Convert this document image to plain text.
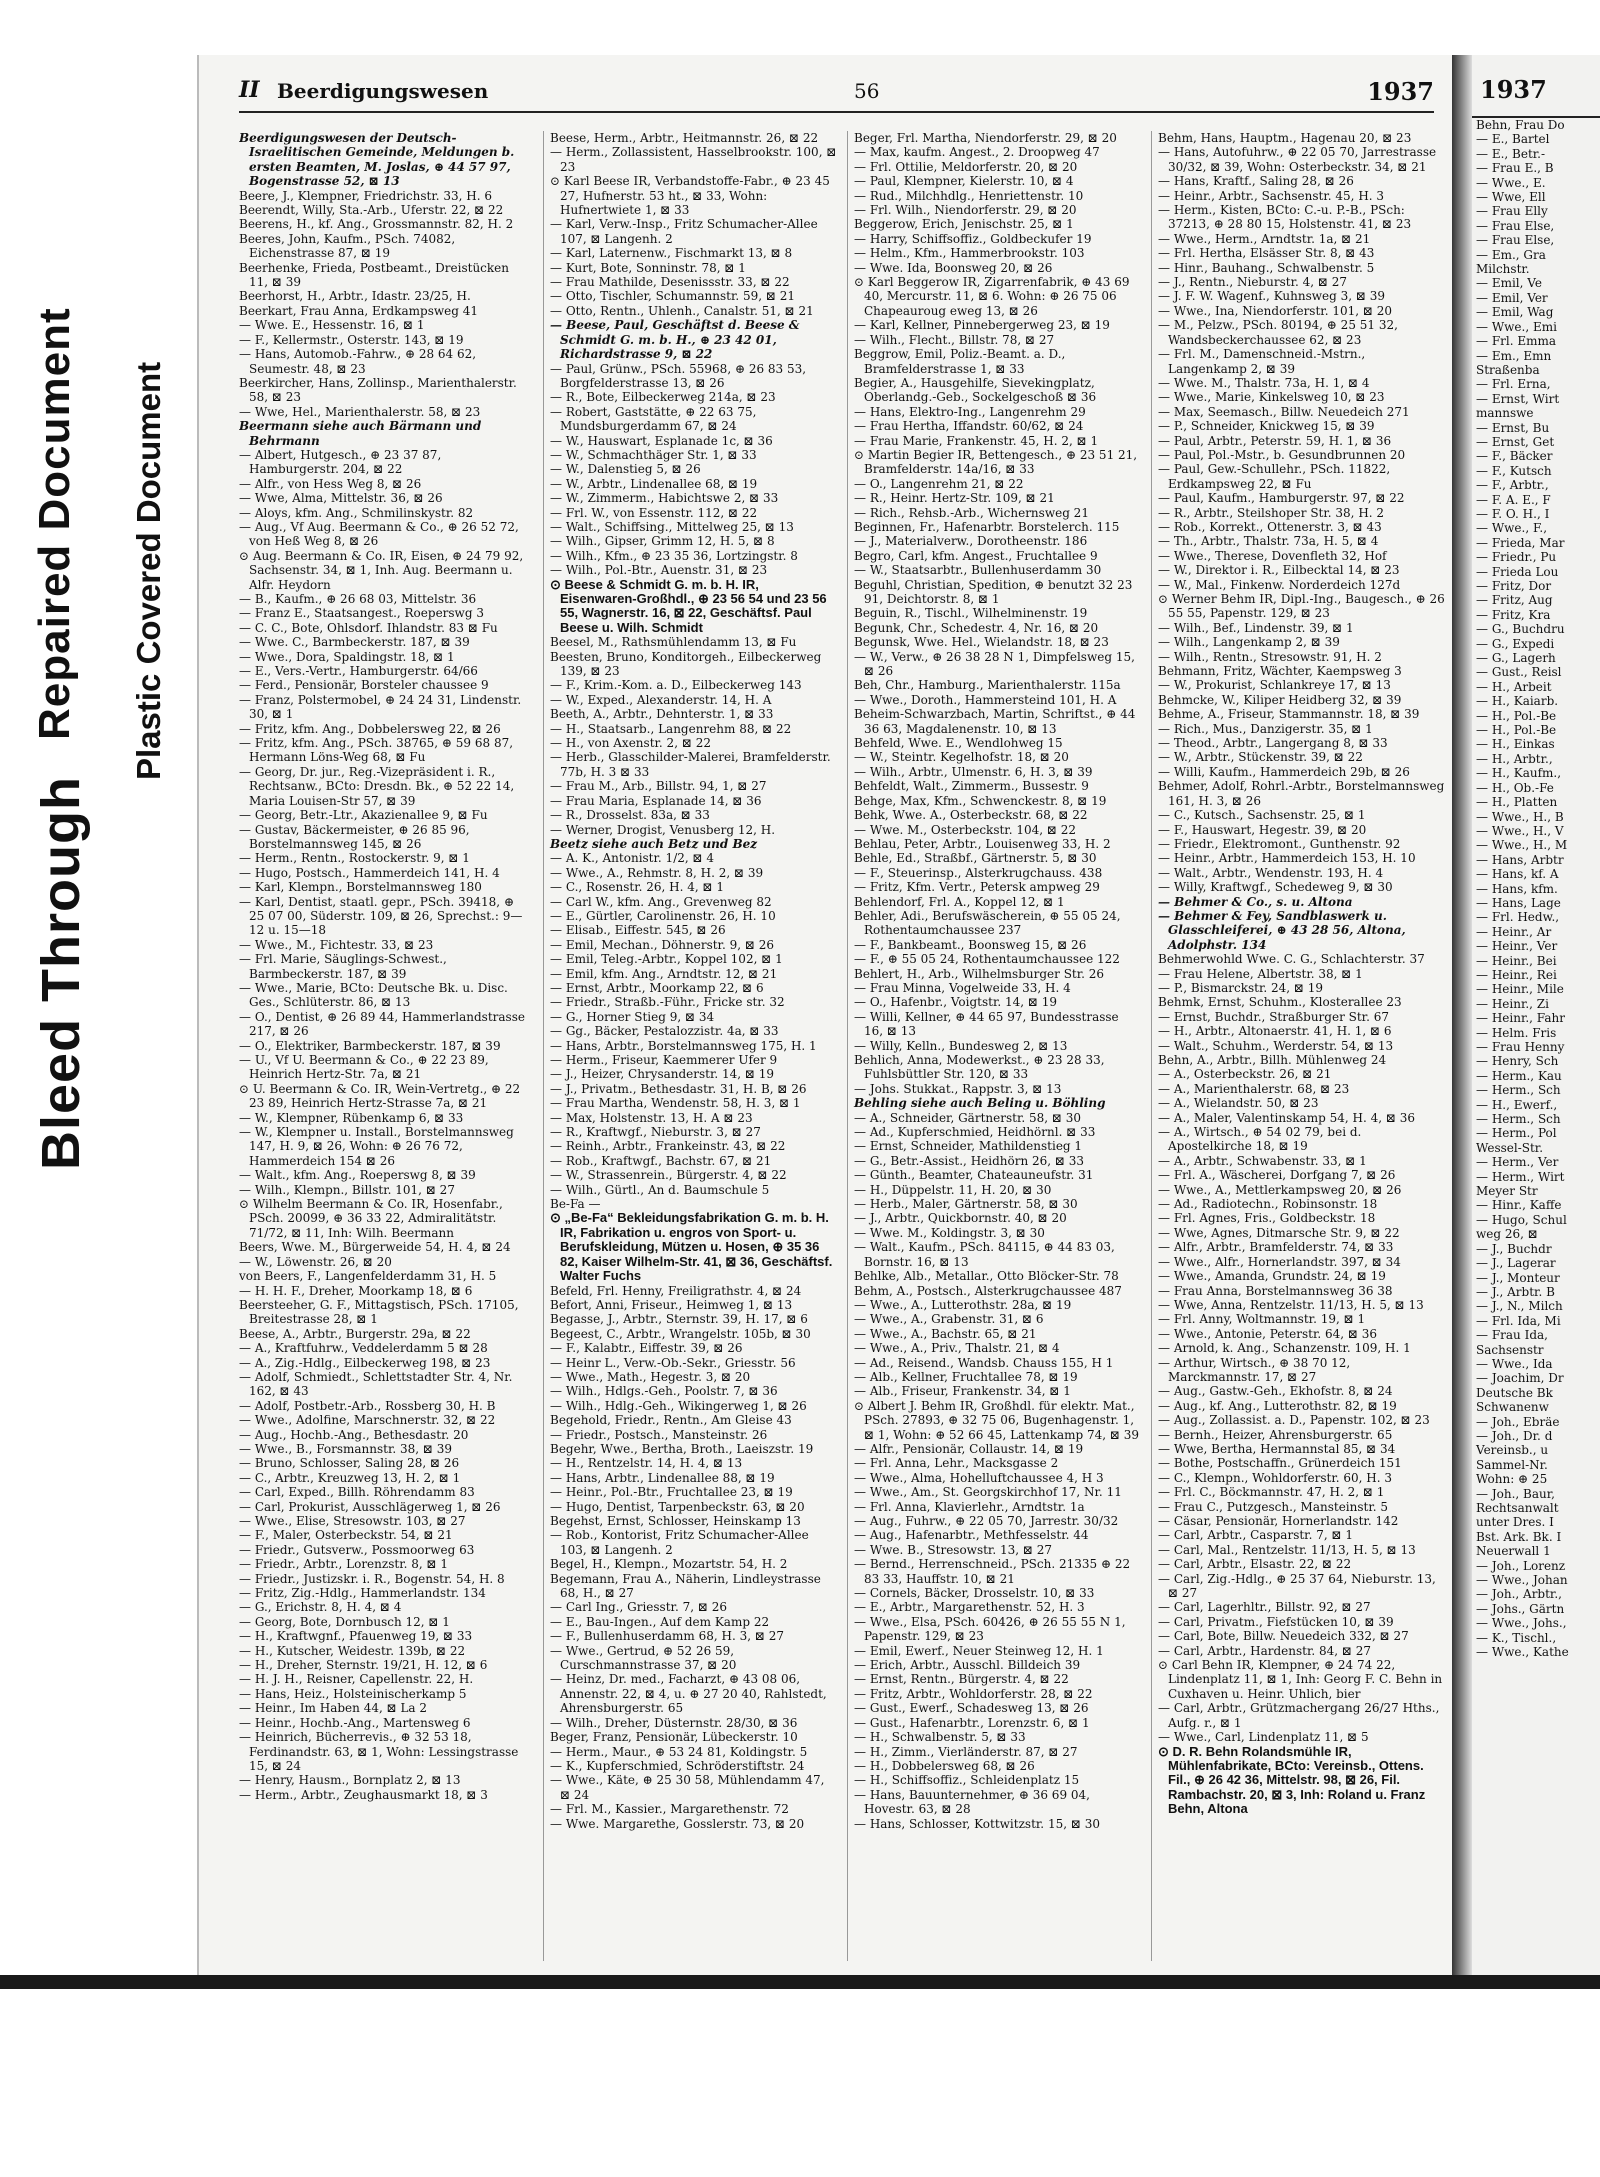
Bleed Through
Repaired Document Plastic Covered Document
II Beerdigungswesen	56	1937

Beerdigungswesen der Deutsch-Israelitischen Gemeinde, Meldungen b. ersten Beamten, M. Joslas, ⊕ 44 57 97, Bogenstrasse 52, ⊠ 13

Beere, J., Klempner, Friedrichstr. 33, H. 6

Beerendt, Willy, Sta.-Arb., Uferstr. 22, ⊠ 22

Beerens, H., kf. Ang., Grossmannstr. 82, H. 2

Beeres, John, Kaufm., PSch. 74082, Eichenstrasse 87, ⊠ 19

Beerhenke, Frieda, Postbeamt., Dreistücken 11, ⊠ 39

Beerhorst, H., Arbtr., Idastr. 23/25, H.

Beerkart, Frau Anna, Erdkampsweg 41

— Wwe. E., Hessenstr. 16, ⊠ 1

— F., Kellermstr., Osterstr. 143, ⊠ 19

— Hans, Automob.-Fahrw., ⊕ 28 64 62, Seumestr. 48, ⊠ 23

Beerkircher, Hans, Zollinsp., Marienthalerstr. 58, ⊠ 23

— Wwe, Hel., Marienthalerstr. 58, ⊠ 23

Beermann siehe auch Bärmann und Behrmann

— Albert, Hutgesch., ⊕ 23 37 87, Hamburgerstr. 204, ⊠ 22

— Alfr., von Hess Weg 8, ⊠ 26

— Wwe, Alma, Mittelstr. 36, ⊠ 26

— Aloys, kfm. Ang., Schmilinskystr. 82

— Aug., Vf Aug. Beermann & Co., ⊕ 26 52 72, von Heß Weg 8, ⊠ 26

⊙ Aug. Beermann & Co. IR, Eisen, ⊕ 24 79 92, Sachsenstr. 34, ⊠ 1, Inh. Aug. Beermann u. Alfr. Heydorn

— B., Kaufm., ⊕ 26 68 03, Mittelstr. 36

— Franz E., Staatsangest., Roeperswg 3

— C. C., Bote, Ohlsdorf. Ihlandstr. 83 ⊠ Fu

— Wwe. C., Barmbeckerstr. 187, ⊠ 39

— Wwe., Dora, Spaldingstr. 18, ⊠ 1

— E., Vers.-Vertr., Hamburgerstr. 64/66

— Ferd., Pensionär, Borsteler chaussee 9

— Franz, Polstermobel, ⊕ 24 24 31, Lindenstr. 30, ⊠ 1

— Fritz, kfm. Ang., Dobbelersweg 22, ⊠ 26

— Fritz, kfm. Ang., PSch. 38765, ⊕ 59 68 87, Hermann Löns-Weg 68, ⊠ Fu

— Georg, Dr. jur., Reg.-Vizepräsident i. R., Rechtsanw., BCto: Dresdn. Bk., ⊕ 52 22 14, Maria Louisen-Str 57, ⊠ 39

— Georg, Betr.-Ltr., Akazienallee 9, ⊠ Fu

— Gustav, Bäckermeister, ⊕ 26 85 96, Borstelmannsweg 145, ⊠ 26

— Herm., Rentn., Rostockerstr. 9, ⊠ 1

— Hugo, Postsch., Hammerdeich 141, H. 4

— Karl, Klempn., Borstelmannsweg 180

— Karl, Dentist, staatl. gepr., PSch. 39418, ⊕ 25 07 00, Süderstr. 109, ⊠ 26, Sprechst.: 9—12 u. 15—18

— Wwe., M., Fichtestr. 33, ⊠ 23

— Frl. Marie, Säuglings-Schwest., Barmbeckerstr. 187, ⊠ 39

— Wwe., Marie, BCto: Deutsche Bk. u. Disc. Ges., Schlüterstr. 86, ⊠ 13

— O., Dentist, ⊕ 26 89 44, Hammerlandstrasse 217, ⊠ 26

— O., Elektriker, Barmbeckerstr. 187, ⊠ 39

— U., Vf U. Beermann & Co., ⊕ 22 23 89, Heinrich Hertz-Str. 7a, ⊠ 21

⊙ U. Beermann & Co. IR, Wein-Vertretg., ⊕ 22 23 89, Heinrich Hertz-Strasse 7a, ⊠ 21

— W., Klempner, Rübenkamp 6, ⊠ 33

— W., Klempner u. Install., Borstelmannsweg 147, H. 9, ⊠ 26, Wohn: ⊕ 26 76 72, Hammerdeich 154 ⊠ 26

— Walt., kfm. Ang., Roeperswg 8, ⊠ 39

— Wilh., Klempn., Billstr. 101, ⊠ 27

⊙ Wilhelm Beermann & Co. IR, Hosenfabr., PSch. 20099, ⊕ 36 33 22, Admiralitätstr. 71/72, ⊠ 11, Inh: Wilh. Beermann

Beers, Wwe. M., Bürgerweide 54, H. 4, ⊠ 24

— W., Löwenstr. 26, ⊠ 20

von Beers, F., Langenfelderdamm 31, H. 5

— H. H. F., Dreher, Moorkamp 18, ⊠ 6

Beersteeher, G. F., Mittagstisch, PSch. 17105, Breitestrasse 28, ⊠ 1

Beese, A., Arbtr., Burgerstr. 29a, ⊠ 22

— A., Kraftfuhrw., Veddelerdamm 5 ⊠ 28

— A., Zig.-Hdlg., Eilbeckerweg 198, ⊠ 23

— Adolf, Schmiedt., Schlettstadter Str. 4, Nr. 162, ⊠ 43

— Adolf, Postbetr.-Arb., Rossberg 30, H. B

— Wwe., Adolfine, Marschnerstr. 32, ⊠ 22

— Aug., Hochb.-Ang., Bethesdastr. 20

— Wwe., B., Forsmannstr. 38, ⊠ 39

— Bruno, Schlosser, Saling 28, ⊠ 26

— C., Arbtr., Kreuzweg 13, H. 2, ⊠ 1

— Carl, Exped., Billh. Röhrendamm 83

— Carl, Prokurist, Ausschlägerweg 1, ⊠ 26

— Wwe., Elise, Stresowstr. 103, ⊠ 27

— F., Maler, Osterbeckstr. 54, ⊠ 21

— Friedr., Gutsverw., Possmoorweg 63

— Friedr., Arbtr., Lorenzstr. 8, ⊠ 1

— Friedr., Justizskr. i. R., Bogenstr. 54, H. 8

— Fritz, Zig.-Hdlg., Hammerlandstr. 134

— G., Erichstr. 8, H. 4, ⊠ 4

— Georg, Bote, Dornbusch 12, ⊠ 1

— H., Kraftwgnf., Pfauenweg 19, ⊠ 33

— H., Kutscher, Weidestr. 139b, ⊠ 22

— H., Dreher, Sternstr. 19/21, H. 12, ⊠ 6

— H. J. H., Reisner, Capellenstr. 22, H.

— Hans, Heiz., Holsteinischerkamp 5

— Heinr., Im Haben 44, ⊠ La 2

— Heinr., Hochb.-Ang., Martensweg 6

— Heinrich, Bücherrevis., ⊕ 32 53 18, Ferdinandstr. 63, ⊠ 1, Wohn: Lessingstrasse 15, ⊠ 24

— Henry, Hausm., Bornplatz 2, ⊠ 13

— Herm., Arbtr., Zeughausmarkt 18, ⊠ 3

Beese, Herm., Arbtr., Heitmannstr. 26, ⊠ 22

— Herm., Zollassistent, Hasselbrookstr. 100, ⊠ 23

⊙ Karl Beese IR, Verbandstoffe-Fabr., ⊕ 23 45 27, Hufnerstr. 53 ht., ⊠ 33, Wohn: Hufnertwiete 1, ⊠ 33

— Karl, Verw.-Insp., Fritz Schumacher-Allee 107, ⊠ Langenh. 2

— Karl, Laternenw., Fischmarkt 13, ⊠ 8

— Kurt, Bote, Sonninstr. 78, ⊠ 1

— Frau Mathilde, Desenissstr. 33, ⊠ 22

— Otto, Tischler, Schumannstr. 59, ⊠ 21

— Otto, Rentn., Uhlenh., Canalstr. 51, ⊠ 21

— Beese, Paul, Geschäftst d. Beese & Schmidt G. m. b. H., ⊕ 23 42 01, Richardstrasse 9, ⊠ 22

— Paul, Grünw., PSch. 55968, ⊕ 26 83 53, Borgfelderstrasse 13, ⊠ 26

— R., Bote, Eilbeckerweg 214a, ⊠ 23

— Robert, Gaststätte, ⊕ 22 63 75, Mundsburgerdamm 67, ⊠ 24

— W., Hauswart, Esplanade 1c, ⊠ 36

— W., Schmachthäger Str. 1, ⊠ 33

— W., Dalenstieg 5, ⊠ 26

— W., Arbtr., Lindenallee 68, ⊠ 19

— W., Zimmerm., Habichtswe 2, ⊠ 33

— Frl. W., von Essenstr. 112, ⊠ 22

— Walt., Schiffsing., Mittelweg 25, ⊠ 13

— Wilh., Gipser, Grimm 12, H. 5, ⊠ 8

— Wilh., Kfm., ⊕ 23 35 36, Lortzingstr. 8

— Wilh., Pol.-Btr., Auenstr. 31, ⊠ 23

⊙ Beese & Schmidt G. m. b. H. IR, Eisenwaren-Großhdl., ⊕ 23 56 54 und 23 56 55, Wagnerstr. 16, ⊠ 22, Geschäftsf. Paul Beese u. Wilh. Schmidt

Beesel, M., Rathsmühlendamm 13, ⊠ Fu

Beesten, Bruno, Konditorgeh., Eilbeckerweg 139, ⊠ 23

— F., Krim.-Kom. a. D., Eilbeckerweg 143

— W., Exped., Alexanderstr. 14, H. A

Beeth, A., Arbtr., Dehnterstr. 1, ⊠ 33

— H., Staatsarb., Langenrehm 88, ⊠ 22

— H., von Axenstr. 2, ⊠ 22

— Herb., Glasschilder-Malerei, Bramfelderstr. 77b, H. 3 ⊠ 33

— Frau M., Arb., Billstr. 94, 1, ⊠ 27

— Frau Maria, Esplanade 14, ⊠ 36

— R., Drosselst. 83a, ⊠ 33

— Werner, Drogist, Venusberg 12, H.

Beetz siehe auch Betz und Bez

— A. K., Antonistr. 1/2, ⊠ 4

— Wwe., A., Rehmstr. 8, H. 2, ⊠ 39

— C., Rosenstr. 26, H. 4, ⊠ 1

— Carl W., kfm. Ang., Grevenweg 82

— E., Gürtler, Carolinenstr. 26, H. 10

— Elisab., Eiffestr. 545, ⊠ 26

— Emil, Mechan., Döhnerstr. 9, ⊠ 26

— Emil, Teleg.-Arbtr., Koppel 102, ⊠ 1

— Emil, kfm. Ang., Arndtstr. 12, ⊠ 21

— Ernst, Arbtr., Moorkamp 22, ⊠ 6

— Friedr., Straßb.-Führ., Fricke str. 32

— G., Horner Stieg 9, ⊠ 34

— Gg., Bäcker, Pestalozzistr. 4a, ⊠ 33

— Hans, Arbtr., Borstelmannsweg 175, H. 1

— Herm., Friseur, Kaemmerer Ufer 9

— J., Heizer, Chrysanderstr. 14, ⊠ 19

— J., Privatm., Bethesdastr. 31, H. B, ⊠ 26

— Frau Martha, Wendenstr. 58, H. 3, ⊠ 1

— Max, Holstenstr. 13, H. A ⊠ 23

— R., Kraftwgf., Nieburstr. 3, ⊠ 27

— Reinh., Arbtr., Frankeinstr. 43, ⊠ 22

— Rob., Kraftwgf., Bachstr. 67, ⊠ 21

— W., Strassenrein., Bürgerstr. 4, ⊠ 22

— Wilh., Gürtl., An d. Baumschule 5

Be-Fa —

⊙ „Be-Fa“ Bekleidungsfabrikation G. m. b. H. IR, Fabrikation u. engros von Sport- u. Berufskleidung, Mützen u. Hosen, ⊕ 35 36 82, Kaiser Wilhelm-Str. 41, ⊠ 36, Geschäftsf. Walter Fuchs

Befeld, Frl. Henny, Freiligrathstr. 4, ⊠ 24

Befort, Anni, Friseur., Heimweg 1, ⊠ 13

Begasse, J., Arbtr., Sternstr. 39, H. 17, ⊠ 6

Begeest, C., Arbtr., Wrangelstr. 105b, ⊠ 30

— F., Kalabtr., Eiffestr. 39, ⊠ 26

— Heinr L., Verw.-Ob.-Sekr., Griesstr. 56

— Wwe., Math., Hegestr. 3, ⊠ 20

— Wilh., Hdlgs.-Geh., Poolstr. 7, ⊠ 36

— Wilh., Hdlg.-Geh., Wikingerweg 1, ⊠ 26

Begehold, Friedr., Rentn., Am Gleise 43

— Friedr., Postsch., Mansteinstr. 26

Begehr, Wwe., Bertha, Broth., Laeiszstr. 19

— H., Rentzelstr. 14, H. 4, ⊠ 13

— Hans, Arbtr., Lindenallee 88, ⊠ 19

— Heinr., Pol.-Btr., Fruchtallee 23, ⊠ 19

— Hugo, Dentist, Tarpenbeckstr. 63, ⊠ 20

Begehst, Ernst, Schlosser, Heinskamp 13

— Rob., Kontorist, Fritz Schumacher-Allee 103, ⊠ Langenh. 2

Begel, H., Klempn., Mozartstr. 54, H. 2

Begemann, Frau A., Näherin, Lindleystrasse 68, H., ⊠ 27

— Carl Ing., Griesstr. 7, ⊠ 26

— E., Bau-Ingen., Auf dem Kamp 22

— F., Bullenhuserdamm 68, H. 3, ⊠ 27

— Wwe., Gertrud, ⊕ 52 26 59, Curschmannstrasse 37, ⊠ 20

— Heinz, Dr. med., Facharzt, ⊕ 43 08 06, Annenstr. 22, ⊠ 4, u. ⊕ 27 20 40, Rahlstedt, Ahrensburgerstr. 65

— Wilh., Dreher, Düsternstr. 28/30, ⊠ 36

Beger, Franz, Pensionär, Lübeckerstr. 10

— Herm., Maur., ⊕ 53 24 81, Koldingstr. 5

— K., Kupferschmied, Schröderstiftstr. 24

— Wwe., Käte, ⊕ 25 30 58, Mühlendamm 47, ⊠ 24

— Frl. M., Kassier., Margarethenstr. 72

— Wwe. Margarethe, Gosslerstr. 73, ⊠ 20

Beger, Frl. Martha, Niendorferstr. 29, ⊠ 20

— Max, kaufm. Angest., 2. Droopweg 47

— Frl. Ottilie, Meldorferstr. 20, ⊠ 20

— Paul, Klempner, Kielerstr. 10, ⊠ 4

— Rud., Milchhdlg., Henriettenstr. 10

— Frl. Wilh., Niendorferstr. 29, ⊠ 20

Beggerow, Erich, Jenischstr. 25, ⊠ 1

— Harry, Schiffsoffiz., Goldbeckufer 19

— Helm., Kfm., Hammerbrookstr. 103

— Wwe. Ida, Boonsweg 20, ⊠ 26

⊙ Karl Beggerow IR, Zigarrenfabrik, ⊕ 43 69 40, Mercurstr. 11, ⊠ 6. Wohn: ⊕ 26 75 06 Chapeauroug eweg 13, ⊠ 26

— Karl, Kellner, Pinnebergerweg 23, ⊠ 19

— Wilh., Flecht., Billstr. 78, ⊠ 27

Beggrow, Emil, Poliz.-Beamt. a. D., Bramfelderstrasse 1, ⊠ 33

Begier, A., Hausgehilfe, Sievekingplatz, Oberlandg.-Geb., Sockelgeschoß ⊠ 36

— Hans, Elektro-Ing., Langenrehm 29

— Frau Hertha, Iffandstr. 60/62, ⊠ 24

— Frau Marie, Frankenstr. 45, H. 2, ⊠ 1

⊙ Martin Begier IR, Bettengesch., ⊕ 23 51 21, Bramfelderstr. 14a/16, ⊠ 33

— O., Langenrehm 21, ⊠ 22

— R., Heinr. Hertz-Str. 109, ⊠ 21

— Rich., Rehsb.-Arb., Wichernsweg 21

Beginnen, Fr., Hafenarbtr. Borstelerch. 115

— J., Materialverw., Dorotheenstr. 186

Begro, Carl, kfm. Angest., Fruchtallee 9

— W., Staatsarbtr., Bullenhuserdamm 30

Beguhl, Christian, Spedition, ⊕ benutzt 32 23 91, Deichtorstr. 8, ⊠ 1

Beguin, R., Tischl., Wilhelminenstr. 19

Begunk, Chr., Schedestr. 4, Nr. 16, ⊠ 20

Begunsk, Wwe. Hel., Wielandstr. 18, ⊠ 23

— W., Verw., ⊕ 26 38 28 N 1, Dimpfelsweg 15, ⊠ 26

Beh, Chr., Hamburg., Marienthalerstr. 115a

— Wwe., Doroth., Hammersteind 101, H. A

Beheim-Schwarzbach, Martin, Schriftst., ⊕ 44 36 63, Magdalenenstr. 10, ⊠ 13

Behfeld, Wwe. E., Wendlohweg 15

— W., Steintr. Kegelhofstr. 18, ⊠ 20

— Wilh., Arbtr., Ulmenstr. 6, H. 3, ⊠ 39

Behfeldt, Walt., Zimmerm., Bussestr. 9

Behge, Max, Kfm., Schwenckestr. 8, ⊠ 19

Behk, Wwe. A., Osterbeckstr. 68, ⊠ 22

— Wwe. M., Osterbeckstr. 104, ⊠ 22

Behlau, Peter, Arbtr., Louisenweg 33, H. 2

Behle, Ed., Straßbf., Gärtnerstr. 5, ⊠ 30

— F., Steuerinsp., Alsterkrugchauss. 438

— Fritz, Kfm. Vertr., Petersk ampweg 29

Behlendorf, Frl. A., Koppel 12, ⊠ 1

Behler, Adi., Berufswäscherein, ⊕ 55 05 24, Rothentaumchaussee 237

— F., Bankbeamt., Boonsweg 15, ⊠ 26

— F., ⊕ 55 05 24, Rothentaumchaussee 122

Behlert, H., Arb., Wilhelmsburger Str. 26

— Frau Minna, Vogelweide 33, H. 4

— O., Hafenbr., Voigtstr. 14, ⊠ 19

— Willi, Kellner, ⊕ 44 65 97, Bundesstrasse 16, ⊠ 13

— Willy, Kelln., Bundesweg 2, ⊠ 13

Behlich, Anna, Modewerkst., ⊕ 23 28 33, Fuhlsbüttler Str. 120, ⊠ 33

— Johs. Stukkat., Rappstr. 3, ⊠ 13

Behling siehe auch Beling u. Böhling

— A., Schneider, Gärtnerstr. 58, ⊠ 30

— Ad., Kupferschmied, Heidhörnl. ⊠ 33

— Ernst, Schneider, Mathildenstieg 1

— G., Betr.-Assist., Heidhörn 26, ⊠ 33

— Günth., Beamter, Chateauneufstr. 31

— H., Düppelstr. 11, H. 20, ⊠ 30

— Herb., Maler, Gärtnerstr. 58, ⊠ 30

— J., Arbtr., Quickbornstr. 40, ⊠ 20

— Wwe. M., Koldingstr. 3, ⊠ 30

— Walt., Kaufm., PSch. 84115, ⊕ 44 83 03, Bornstr. 16, ⊠ 13

Behlke, Alb., Metallar., Otto Blöcker-Str. 78

Behm, A., Postsch., Alsterkrugchaussee 487

— Wwe., A., Lutterothstr. 28a, ⊠ 19

— Wwe., A., Grabenstr. 31, ⊠ 6

— Wwe., A., Bachstr. 65, ⊠ 21

— Wwe., A., Priv., Thalstr. 21, ⊠ 4

— Ad., Reisend., Wandsb. Chauss 155, H 1

— Alb., Kellner, Fruchtallee 78, ⊠ 19

— Alb., Friseur, Frankenstr. 34, ⊠ 1

⊙ Albert J. Behm IR, Großhdl. für elektr. Mat., PSch. 27893, ⊕ 32 75 06, Bugenhagenstr. 1, ⊠ 1, Wohn: ⊕ 52 66 45, Lattenkamp 74, ⊠ 39

— Alfr., Pensionär, Collaustr. 14, ⊠ 19

— Frl. Anna, Lehr., Macksgasse 2

— Wwe., Alma, Hohelluftchaussee 4, H 3

— Wwe., Am., St. Georgskirchhof 17, Nr. 11

— Frl. Anna, Klavierlehr., Arndtstr. 1a

— Aug., Fuhrw., ⊕ 22 05 70, Jarrestr. 30/32

— Aug., Hafenarbtr., Methfesselstr. 44

— Wwe. B., Stresowstr. 13, ⊠ 27

— Bernd., Herrenschneid., PSch. 21335 ⊕ 22 83 33, Hauffstr. 10, ⊠ 21

— Cornels, Bäcker, Drosselstr. 10, ⊠ 33

— E., Arbtr., Margarethenstr. 52, H. 3

— Wwe., Elsa, PSch. 60426, ⊕ 26 55 55 N 1, Papenstr. 129, ⊠ 23

— Emil, Ewerf., Neuer Steinweg 12, H. 1

— Erich, Arbtr., Ausschl. Billdeich 39

— Ernst, Rentn., Bürgerstr. 4, ⊠ 22

— Fritz, Arbtr., Wohldorferstr. 28, ⊠ 22

— Gust., Ewerf., Schadesweg 13, ⊠ 26

— Gust., Hafenarbtr., Lorenzstr. 6, ⊠ 1

— H., Schwalbenstr. 5, ⊠ 33

— H., Zimm., Vierländerstr. 87, ⊠ 27

— H., Dobbelersweg 68, ⊠ 26

— H., Schiffsoffiz., Schleidenplatz 15

— Hans, Bauunternehmer, ⊕ 36 69 04, Hovestr. 63, ⊠ 28

— Hans, Schlosser, Kottwitzstr. 15, ⊠ 30

Behm, Hans, Hauptm., Hagenau 20, ⊠ 23

— Hans, Autofuhrw., ⊕ 22 05 70, Jarrestrasse 30/32, ⊠ 39, Wohn: Osterbeckstr. 34, ⊠ 21

— Hans, Kraftf., Saling 28, ⊠ 26

— Heinr., Arbtr., Sachsenstr. 45, H. 3

— Herm., Kisten, BCto: C.-u. P.-B., PSch: 37213, ⊕ 28 80 15, Holstenstr. 41, ⊠ 23

— Wwe., Herm., Arndtstr. 1a, ⊠ 21

— Frl. Hertha, Elsässer Str. 8, ⊠ 43

— Hinr., Bauhang., Schwalbenstr. 5

— J., Rentn., Nieburstr. 4, ⊠ 27

— J. F. W. Wagenf., Kuhnsweg 3, ⊠ 39

— Wwe., Ina, Niendorferstr. 101, ⊠ 20

— M., Pelzw., PSch. 80194, ⊕ 25 51 32, Wandsbeckerchaussee 62, ⊠ 23

— Frl. M., Damenschneid.-Mstrn., Langenkamp 2, ⊠ 39

— Wwe. M., Thalstr. 73a, H. 1, ⊠ 4

— Wwe., Marie, Kinkelsweg 10, ⊠ 23

— Max, Seemasch., Billw. Neuedeich 271

— P., Schneider, Knickweg 15, ⊠ 39

— Paul, Arbtr., Peterstr. 59, H. 1, ⊠ 36

— Paul, Pol.-Mstr., b. Gesundbrunnen 20

— Paul, Gew.-Schullehr., PSch. 11822, Erdkampsweg 22, ⊠ Fu

— Paul, Kaufm., Hamburgerstr. 97, ⊠ 22

— R., Arbtr., Steilshoper Str. 38, H. 2

— Rob., Korrekt., Ottenerstr. 3, ⊠ 43

— Th., Arbtr., Thalstr. 73a, H. 5, ⊠ 4

— Wwe., Therese, Dovenfleth 32, Hof

— W., Direktor i. R., Eilbecktal 14, ⊠ 23

— W., Mal., Finkenw. Norderdeich 127d

⊙ Werner Behm IR, Dipl.-Ing., Baugesch., ⊕ 26 55 55, Papenstr. 129, ⊠ 23

— Wilh., Bef., Lindenstr. 39, ⊠ 1

— Wilh., Langenkamp 2, ⊠ 39

— Wilh., Rentn., Stresowstr. 91, H. 2

Behmann, Fritz, Wächter, Kaempsweg 3

— W., Prokurist, Schlankreye 17, ⊠ 13

Behmcke, W., Kiliper Heidberg 32, ⊠ 39

Behme, A., Friseur, Stammannstr. 18, ⊠ 39

— Rich., Mus., Danzigerstr. 35, ⊠ 1

— Theod., Arbtr., Langergang 8, ⊠ 33

— W., Arbtr., Stückenstr. 39, ⊠ 22

— Willi, Kaufm., Hammerdeich 29b, ⊠ 26

Behmer, Adolf, Rohrl.-Arbtr., Borstelmannsweg 161, H. 3, ⊠ 26

— C., Kutsch., Sachsenstr. 25, ⊠ 1

— F., Hauswart, Hegestr. 39, ⊠ 20

— Friedr., Elektromont., Gunthenstr. 92

— Heinr., Arbtr., Hammerdeich 153, H. 10

— Walt., Arbtr., Wendenstr. 193, H. 4

— Willy, Kraftwgf., Schedeweg 9, ⊠ 30

— Behmer & Co., s. u. Altona

— Behmer & Fey, Sandblaswerk u. Glasschleiferei, ⊕ 43 28 56, Altona, Adolphstr. 134

Behmerwohld Wwe. C. G., Schlachterstr. 37

— Frau Helene, Albertstr. 38, ⊠ 1

— P., Bismarckstr. 24, ⊠ 19

Behmk, Ernst, Schuhm., Klosterallee 23

— Ernst, Buchdr., Straßburger Str. 67

— H., Arbtr., Altonaerstr. 41, H. 1, ⊠ 6

— Walt., Schuhm., Werderstr. 54, ⊠ 13

Behn, A., Arbtr., Billh. Mühlenweg 24

— A., Osterbeckstr. 26, ⊠ 21

— A., Marienthalerstr. 68, ⊠ 23

— A., Wielandstr. 50, ⊠ 23

— A., Maler, Valentinskamp 54, H. 4, ⊠ 36

— A., Wirtsch., ⊕ 54 02 79, bei d. Apostelkirche 18, ⊠ 19

— A., Arbtr., Schwabenstr. 33, ⊠ 1

— Frl. A., Wäscherei, Dorfgang 7, ⊠ 26

— Wwe., A., Mettlerkampsweg 20, ⊠ 26

— Ad., Radiotechn., Robinsonstr. 18

— Frl. Agnes, Fris., Goldbeckstr. 18

— Wwe, Agnes, Ditmarsche Str. 9, ⊠ 22

— Alfr., Arbtr., Bramfelderstr. 74, ⊠ 33

— Wwe., Alfr., Hornerlandstr. 397, ⊠ 34

— Wwe., Amanda, Grundstr. 24, ⊠ 19

— Frau Anna, Borstelmannsweg 36 38

— Wwe, Anna, Rentzelstr. 11/13, H. 5, ⊠ 13

— Frl. Anny, Woltmannstr. 19, ⊠ 1

— Wwe., Antonie, Peterstr. 64, ⊠ 36

— Arnold, k. Ang., Schanzenstr. 109, H. 1

— Arthur, Wirtsch., ⊕ 38 70 12, Marckmannstr. 17, ⊠ 27

— Aug., Gastw.-Geh., Ekhofstr. 8, ⊠ 24

— Aug., kf. Ang., Lutterothstr. 82, ⊠ 19

— Aug., Zollassist. a. D., Papenstr. 102, ⊠ 23

— Bernh., Heizer, Ahrensburgerstr. 65

— Wwe, Bertha, Hermannstal 85, ⊠ 34

— Bothe, Postschaffn., Grünerdeich 151

— C., Klempn., Wohldorferstr. 60, H. 3

— Frl. C., Böckmannstr. 47, H. 2, ⊠ 1

— Frau C., Putzgesch., Mansteinstr. 5

— Cäsar, Pensionär, Hornerlandstr. 142

— Carl, Arbtr., Casparstr. 7, ⊠ 1

— Carl, Mal., Rentzelstr. 11/13, H. 5, ⊠ 13

— Carl, Arbtr., Elsastr. 22, ⊠ 22

— Carl, Zig.-Hdlg., ⊕ 25 37 64, Nieburstr. 13, ⊠ 27

— Carl, Lagerhltr., Billstr. 92, ⊠ 27

— Carl, Privatm., Fiefstücken 10, ⊠ 39

— Carl, Bote, Billw. Neuedeich 332, ⊠ 27

— Carl, Arbtr., Hardenstr. 84, ⊠ 27

⊙ Carl Behn IR, Klempner, ⊕ 24 74 22, Lindenplatz 11, ⊠ 1, Inh: Georg F. C. Behn in Cuxhaven u. Heinr. Uhlich, bier

— Carl, Arbtr., Grützmachergang 26/27 Hths., Aufg. r., ⊠ 1

— Wwe., Carl, Lindenplatz 11, ⊠ 5

⊙ D. R. Behn Rolandsmühle IR, Mühlenfabrikate, BCto: Vereinsb., Ottens. Fil., ⊕ 26 42 36, Mittelstr. 98, ⊠ 26, Fil. Rambachstr. 20, ⊠ 3, Inh: Roland u. Franz Behn, Altona

1937
Behn, Frau Do
— E., Bartel
— E., Betr.-
— Frau E., B
— Wwe., E.
— Wwe, Ell
— Frau Elly
— Frau Else,
— Frau Else,
— Em., Gra
Milchstr.
— Emil, Ve
— Emil, Ver
— Emil, Wag
— Wwe., Emi
— Frl. Emma
— Em., Emn
Straßenba
— Frl. Erna,
— Ernst, Wirt
mannswe
— Ernst, Bu
— Ernst, Get
— F., Bäcker
— F., Kutsch
— F., Arbtr.,
— F. A. E., F
— F. O. H., I
— Wwe., F.,
— Frieda, Mar
— Friedr., Pu
— Frieda Lou
— Fritz, Dor
— Fritz, Aug
— Fritz, Kra
— G., Buchdru
— G., Expedi
— G., Lagerh
— Gust., Reisl
— H., Arbeit
— H., Kaiarb.
— H., Pol.-Be
— H., Pol.-Be
— H., Einkas
— H., Arbtr.,
— H., Kaufm.,
— H., Ob.-Fe
— H., Platten
— Wwe., H., B
— Wwe., H., V
— Wwe., H., M
— Hans, Arbtr
— Hans, kf. A
— Hans, kfm.
— Hans, Lage
— Frl. Hedw.,
— Heinr., Ar
— Heinr., Ver
— Heinr., Bei
— Heinr., Rei
— Heinr., Mile
— Heinr., Zi
— Heinr., Fahr
— Helm. Fris
— Frau Henny
— Henry, Sch
— Herm., Kau
— Herm., Sch
— H., Ewerf.,
— Herm., Sch
— Herm., Pol
Wessel-Str.
— Herm., Ver
— Herm., Wirt
Meyer Str
— Hinr., Kaffe
— Hugo, Schul
weg 26, ⊠
— J., Buchdr
— J., Lagerar
— J., Monteur
— J., Arbtr. B
— J., N., Milch
— Frl. Ida, Mi
— Frau Ida,
Sachsenstr
— Wwe., Ida
— Joachim, Dr
Deutsche Bk
Schwanenw
— Joh., Ebräe
— Joh., Dr. d
Vereinsb., u
Sammel-Nr.
Wohn: ⊕ 25
— Joh., Baur,
Rechtsanwalt
unter Dres. I
Bst. Ark. Bk. I
Neuerwall 1
— Joh., Lorenz
— Wwe., Johan
— Joh., Arbtr.,
— Johs., Gärtn
— Wwe., Johs.,
— K., Tischl.,
— Wwe., Kathe
